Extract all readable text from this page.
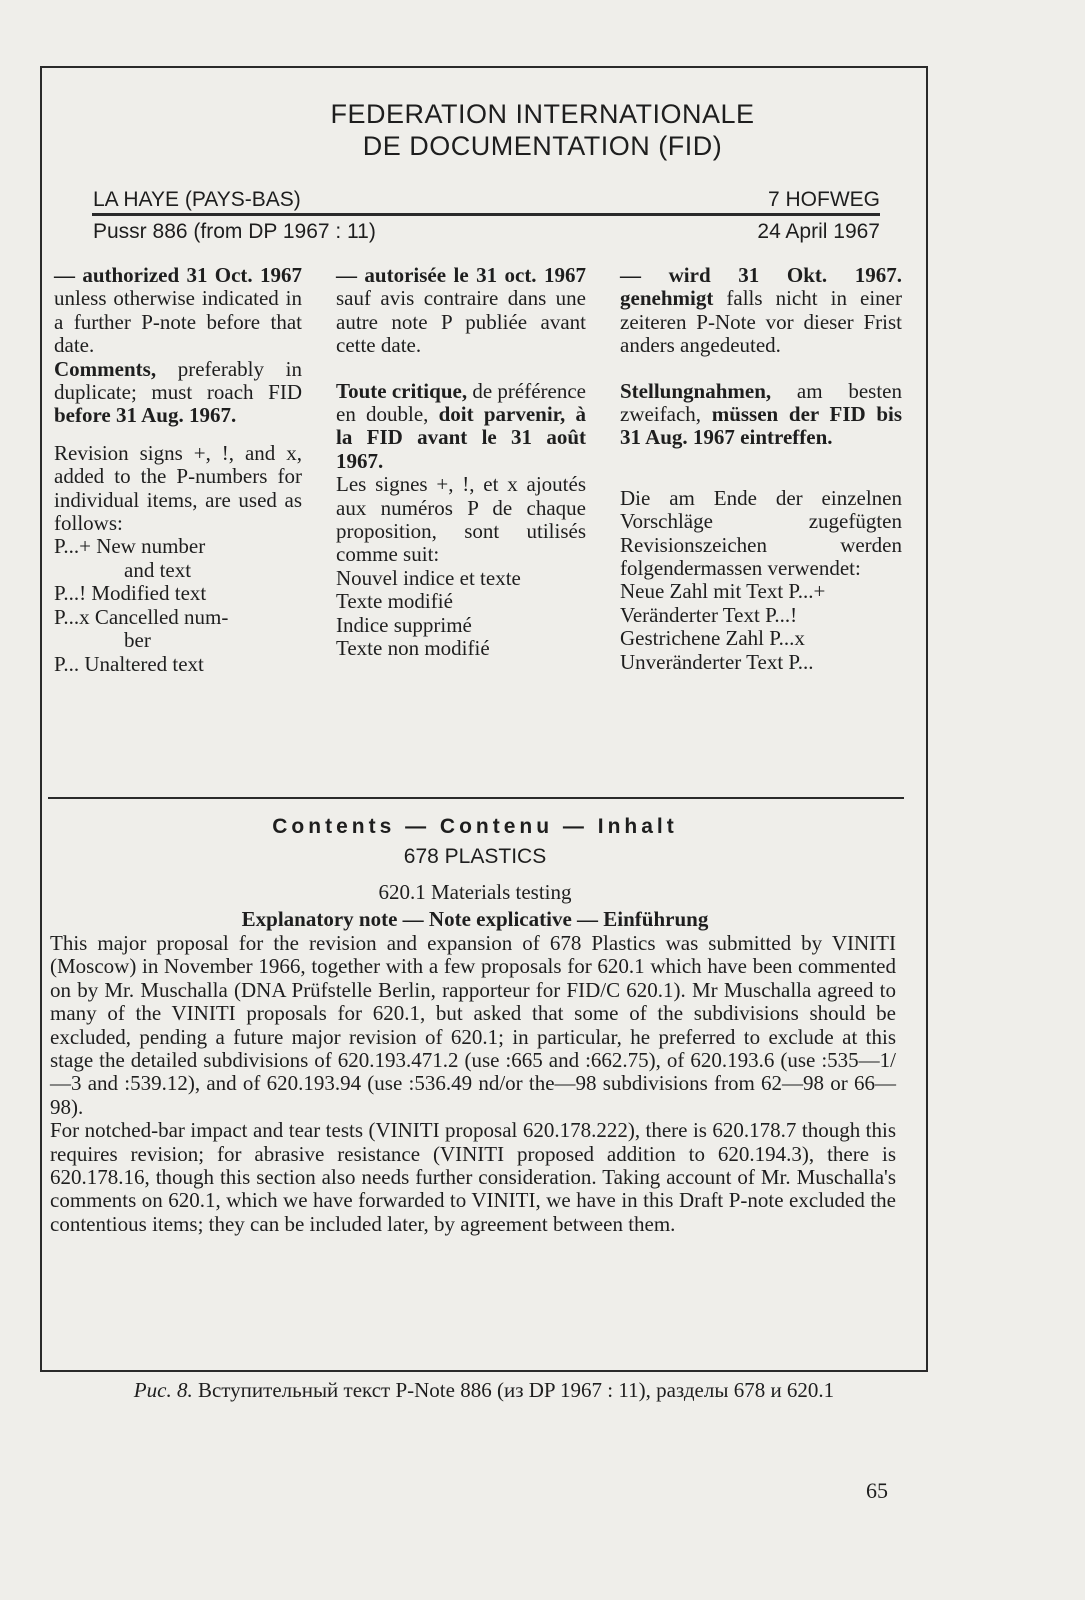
FEDERATION INTERNATIONALE
DE DOCUMENTATION (FID)
LA HAYE (PAYS-BAS)	7 HOFWEG
Pussr 886 (from DP 1967 : 11)	24 April 1967

— authorized 31 Oct. 1967 unless otherwise indicated in a further P-note before that date.

Comments, preferably in duplicate; must roach FID before 31 Aug. 1967.

Revision signs +, !, and x, added to the P-numbers for individual items, are used as follows:

P...+ New number
and text
P...! Modified text
P...x Cancelled num-
ber
P... Unaltered text

— autorisée le 31 oct. 1967 sauf avis contraire dans une autre note P publiée avant cette date.

Toute critique, de préférence en double, doit parvenir, à la FID avant le 31 août 1967.

Les signes +, !, et x ajoutés aux numéros P de chaque proposition, sont utilisés comme suit:

Nouvel indice et texte
Texte modifié
Indice supprimé
Texte non modifié

— wird 31 Okt. 1967. genehmigt falls nicht in einer zeiteren P-Note vor dieser Frist anders angedeuted.

Stellungnahmen, am besten zweifach, müssen der FID bis 31 Aug. 1967 eintreffen.

Die am Ende der einzelnen Vorschläge zugefügten Revisionszeichen werden folgendermassen verwendet:

Neue Zahl mit Text P...+
Veränderter Text P...!
Gestrichene Zahl P...x
Unveränderter Text P...
Contents — Contenu — Inhalt
678 PLASTICS
620.1 Materials testing
Explanatory note — Note explicative — Einführung

This major proposal for the revision and expansion of 678 Plastics was submitted by VINITI (Moscow) in November 1966, together with a few proposals for 620.1 which have been commented on by Mr. Muschalla (DNA Prüfstelle Berlin, rapporteur for FID/C 620.1). Mr Muschalla agreed to many of the VINITI proposals for 620.1, but asked that some of the subdivisions should be excluded, pending a future major revision of 620.1; in particular, he preferred to exclude at this stage the detailed subdivisions of 620.193.471.2 (use :665 and :662.75), of 620.193.6 (use :535—1/—3 and :539.12), and of 620.193.94 (use :536.49 nd/or the—98 subdivisions from 62—98 or 66—98).

For notched-bar impact and tear tests (VINITI proposal 620.178.222), there is 620.178.7 though this requires revision; for abrasive resistance (VINITI proposed addition to 620.194.3), there is 620.178.16, though this section also needs further consideration. Taking account of Mr. Muschalla's comments on 620.1, which we have forwarded to VINITI, we have in this Draft P-note excluded the contentious items; they can be included later, by agreement between them.

Рис. 8. Вступительный текст P-Note 886 (из DP 1967 : 11), разделы 678 и 620.1
65
